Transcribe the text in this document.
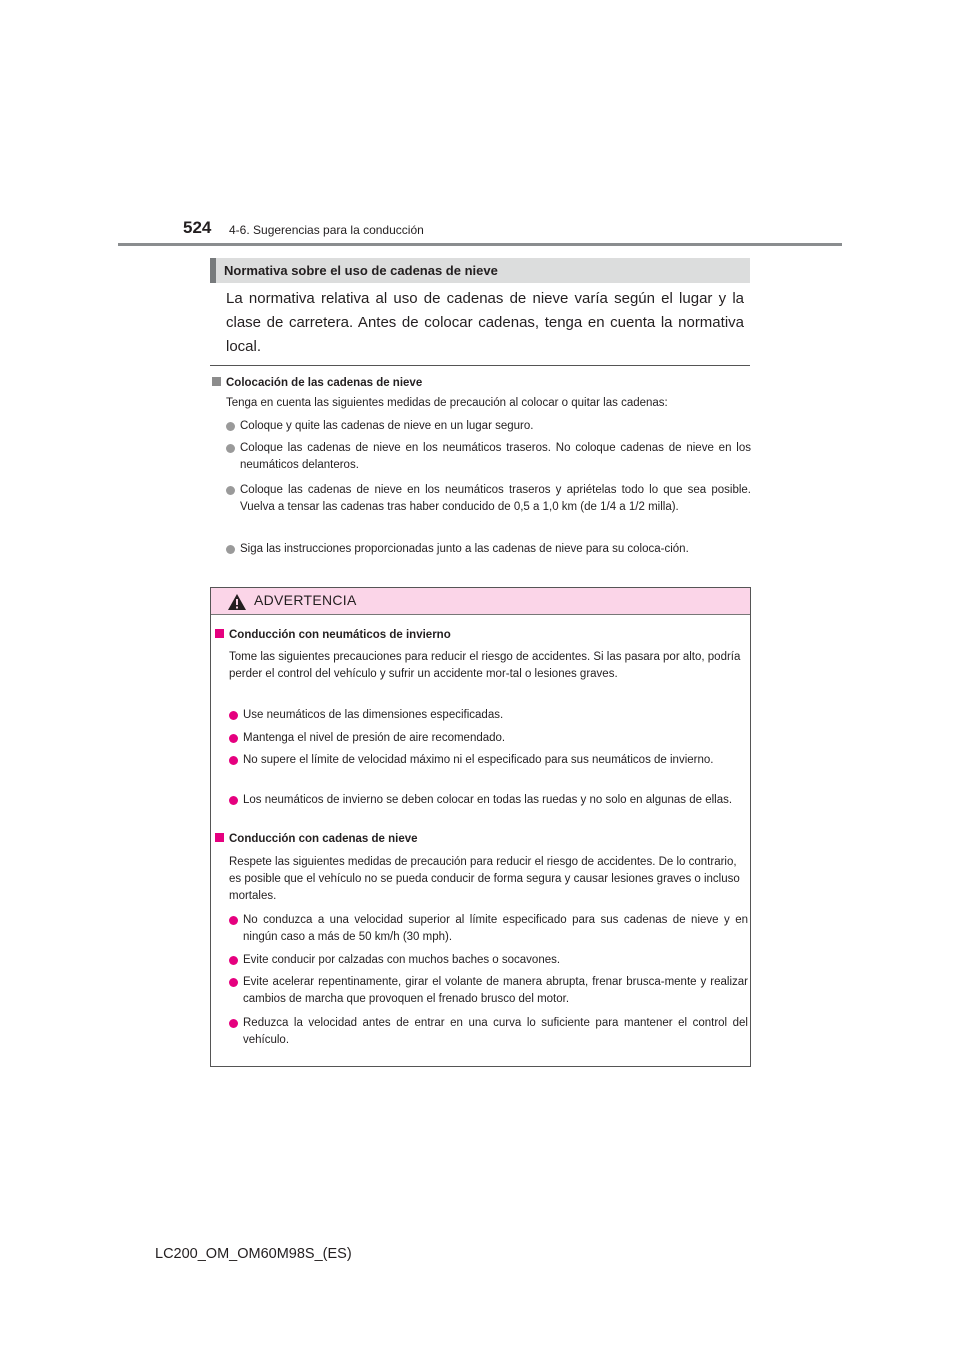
524 4-6. Sugerencias para la conducción
Normativa sobre el uso de cadenas de nieve
La normativa relativa al uso de cadenas de nieve varía según el lugar y la clase de carretera. Antes de colocar cadenas, tenga en cuenta la normativa local.
Colocación de las cadenas de nieve
Tenga en cuenta las siguientes medidas de precaución al colocar o quitar las cadenas:
Coloque y quite las cadenas de nieve en un lugar seguro.
Coloque las cadenas de nieve en los neumáticos traseros. No coloque cadenas de nieve en los neumáticos delanteros.
Coloque las cadenas de nieve en los neumáticos traseros y apriételas todo lo que sea posible. Vuelva a tensar las cadenas tras haber conducido de 0,5 a 1,0 km (de 1/4 a 1/2 milla).
Siga las instrucciones proporcionadas junto a las cadenas de nieve para su coloca-ción.
ADVERTENCIA
Conducción con neumáticos de invierno
Tome las siguientes precauciones para reducir el riesgo de accidentes. Si las pasara por alto, podría perder el control del vehículo y sufrir un accidente mor-tal o lesiones graves.
Use neumáticos de las dimensiones especificadas.
Mantenga el nivel de presión de aire recomendado.
No supere el límite de velocidad máximo ni el especificado para sus neumáticos de invierno.
Los neumáticos de invierno se deben colocar en todas las ruedas y no solo en algunas de ellas.
Conducción con cadenas de nieve
Respete las siguientes medidas de precaución para reducir el riesgo de accidentes. De lo contrario, es posible que el vehículo no se pueda conducir de forma segura y causar lesiones graves o incluso mortales.
No conduzca a una velocidad superior al límite especificado para sus cadenas de nieve y en ningún caso a más de 50 km/h (30 mph).
Evite conducir por calzadas con muchos baches o socavones.
Evite acelerar repentinamente, girar el volante de manera abrupta, frenar brusca-mente y realizar cambios de marcha que provoquen el frenado brusco del motor.
Reduzca la velocidad antes de entrar en una curva lo suficiente para mantener el control del vehículo.
LC200_OM_OM60M98S_(ES)
